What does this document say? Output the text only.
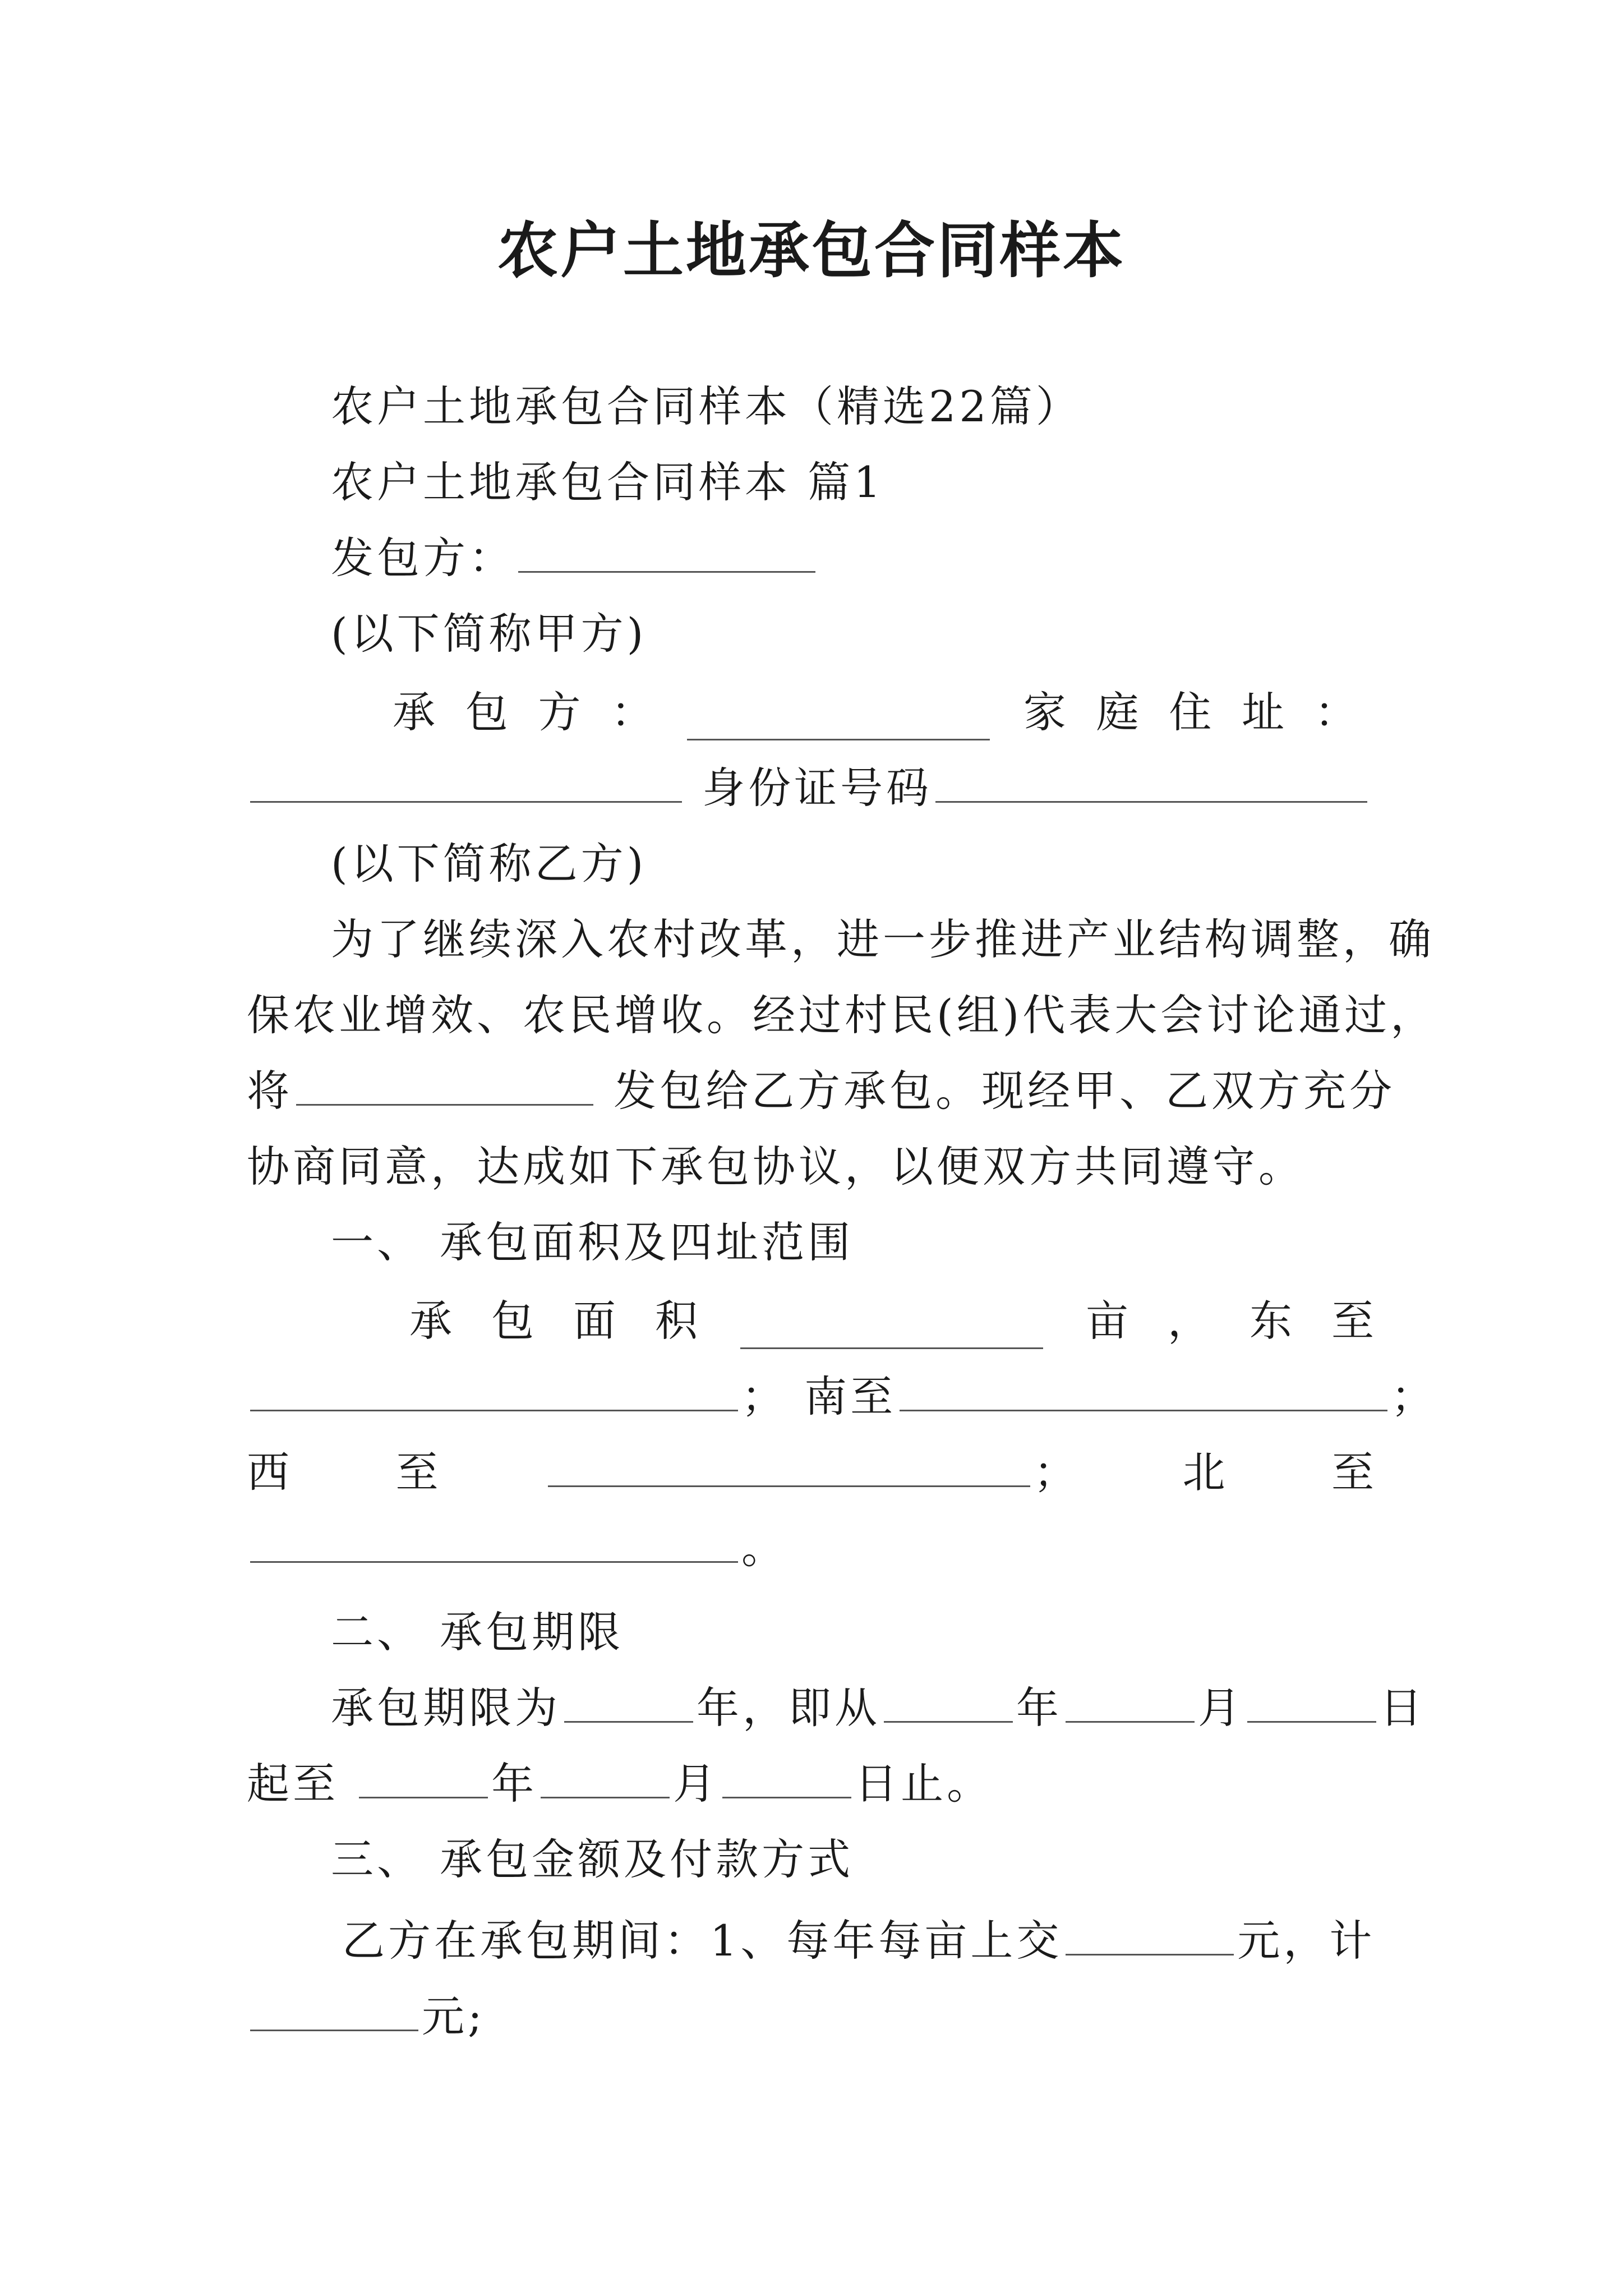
农户土地承包合同样本
农户土地承包合同样本（精选22篇）
农户土地承包合同样本 篇1
发包方：
(以下简称甲方)
承 包 方 ：	家 庭 住 址 ：
身份证号码
(以下简称乙方)
为了继续深入农村改革，进一步推进产业结构调整，确
保农业增效、农民增收。经过村民(组)代表大会讨论通过，
将	发包给乙方承包。现经甲、乙双方充分
协商同意，达成如下承包协议，以便双方共同遵守。
一、 承包面积及四址范围
承 包 面 积	亩 ， 东 至
； 南至	；
西 至	； 北 至
。
二、 承包期限
承包期限为	年，即从	年	月	日
起至	年	月	日止。
三、 承包金额及付款方式
乙方在承包期间：1、每年每亩上交	元，计
元;
